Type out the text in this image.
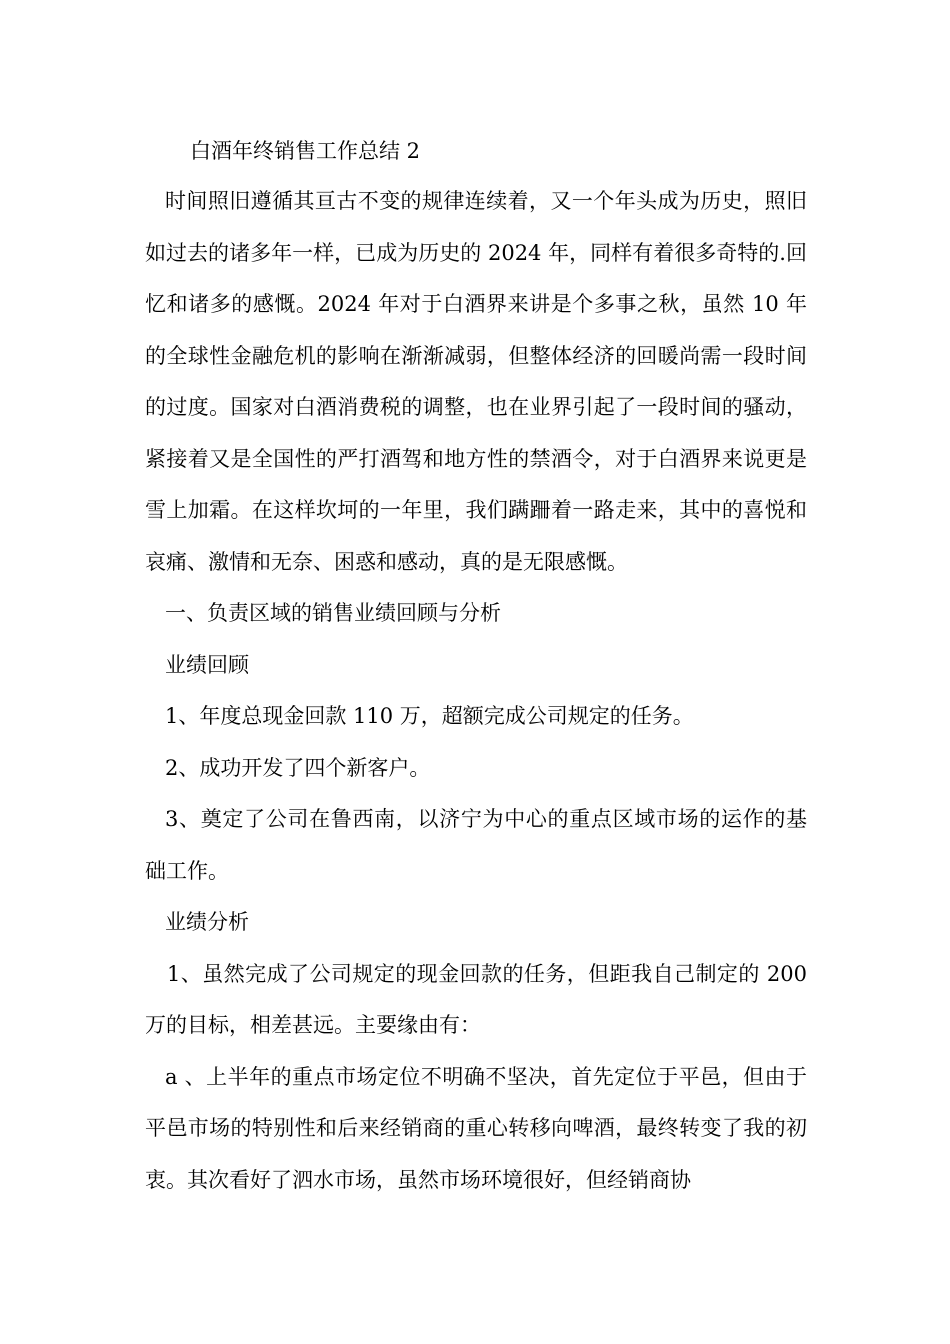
白酒年终销售工作总结 2

时间照旧遵循其亘古不变的规律连续着，又一个年头成为历史，照旧如过去的诸多年一样，已成为历史的 2024 年，同样有着很多奇特的.回忆和诸多的感慨。2024 年对于白酒界来讲是个多事之秋，虽然 10 年的全球性金融危机的影响在渐渐减弱，但整体经济的回暖尚需一段时间的过度。国家对白酒消费税的调整，也在业界引起了一段时间的骚动，紧接着又是全国性的严打酒驾和地方性的禁酒令，对于白酒界来说更是雪上加霜。在这样坎坷的一年里，我们蹒跚着一路走来，其中的喜悦和哀痛、激情和无奈、困惑和感动，真的是无限感慨。

一、负责区域的销售业绩回顾与分析

业绩回顾

1、年度总现金回款 110 万，超额完成公司规定的任务。

2、成功开发了四个新客户。

3、奠定了公司在鲁西南，以济宁为中心的重点区域市场的运作的基础工作。

业绩分析

1、虽然完成了公司规定的现金回款的任务，但距我自己制定的 200 万的目标，相差甚远。主要缘由有：

a 、上半年的重点市场定位不明确不坚决，首先定位于平邑，但由于平邑市场的特别性和后来经销商的重心转移向啤酒，最终转变了我的初衷。其次看好了泗水市场，虽然市场环境很好，但经销商协
